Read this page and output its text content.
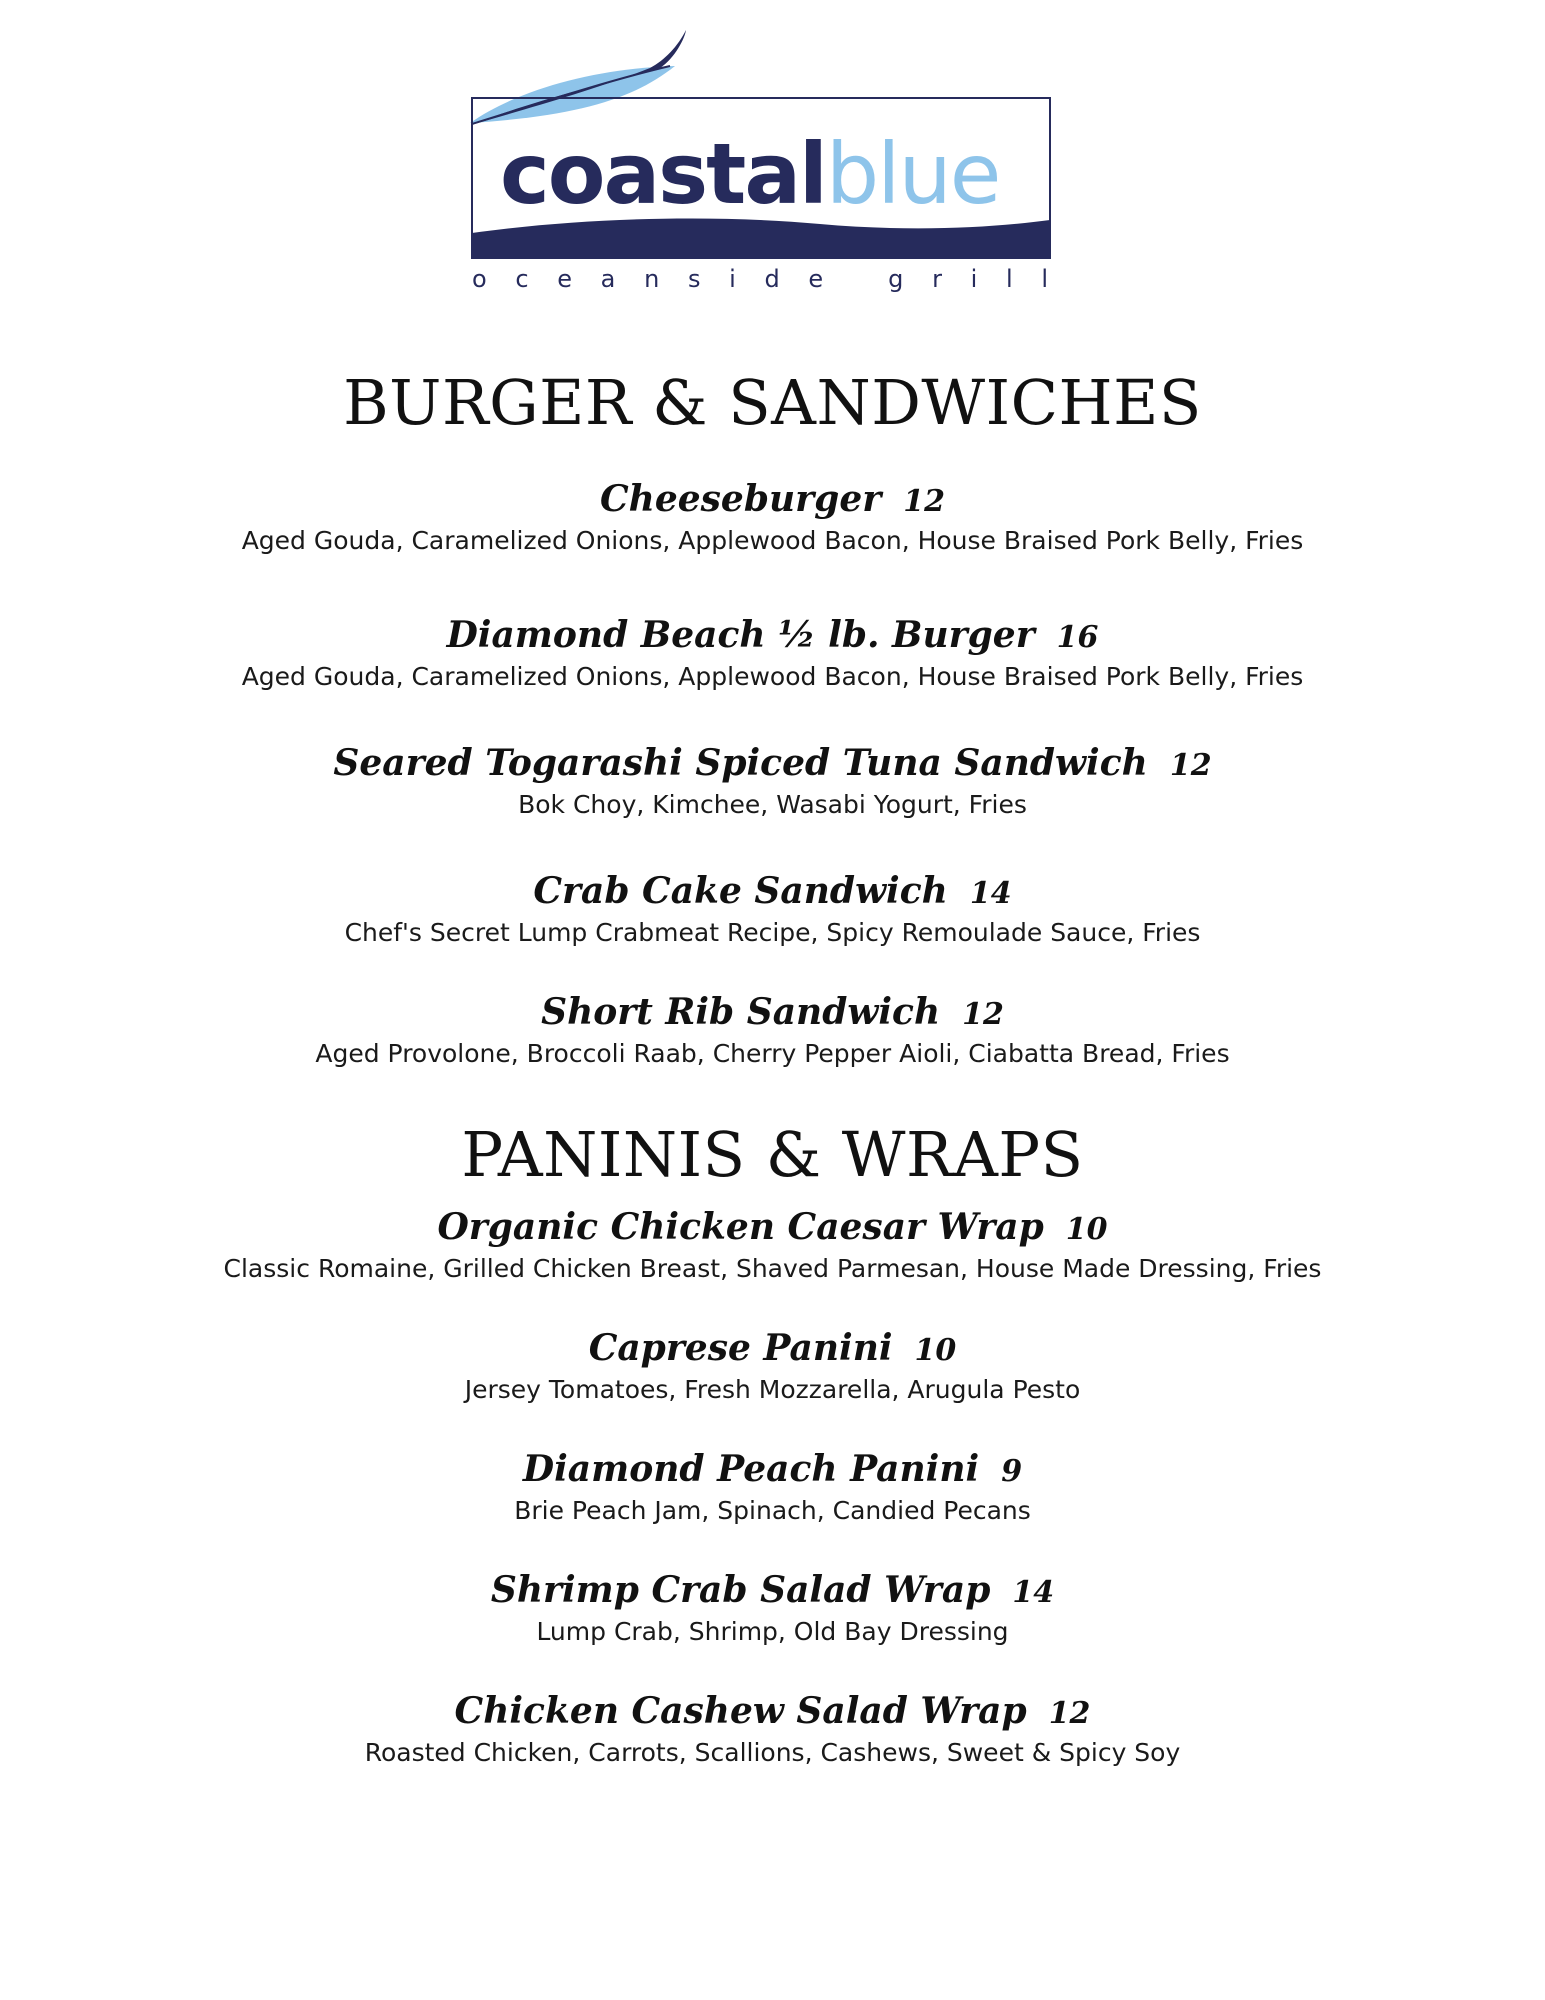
coastalblue
o c e a n s i d e   g r i l l
BURGER & SANDWICHES
Cheeseburger 12
Aged Gouda, Caramelized Onions, Applewood Bacon, House Braised Pork Belly, Fries
Diamond Beach ½ lb. Burger 16
Aged Gouda, Caramelized Onions, Applewood Bacon, House Braised Pork Belly, Fries
Seared Togarashi Spiced Tuna Sandwich 12
Bok Choy, Kimchee, Wasabi Yogurt, Fries
Crab Cake Sandwich 14
Chef's Secret Lump Crabmeat Recipe, Spicy Remoulade Sauce, Fries
Short Rib Sandwich 12
Aged Provolone, Broccoli Raab, Cherry Pepper Aioli, Ciabatta Bread, Fries
PANINIS & WRAPS
Organic Chicken Caesar Wrap 10
Classic Romaine, Grilled Chicken Breast, Shaved Parmesan, House Made Dressing, Fries
Caprese Panini 10
Jersey Tomatoes, Fresh Mozzarella, Arugula Pesto
Diamond Peach Panini 9
Brie Peach Jam, Spinach, Candied Pecans
Shrimp Crab Salad Wrap 14
Lump Crab, Shrimp, Old Bay Dressing
Chicken Cashew Salad Wrap 12
Roasted Chicken, Carrots, Scallions, Cashews, Sweet & Spicy Soy
